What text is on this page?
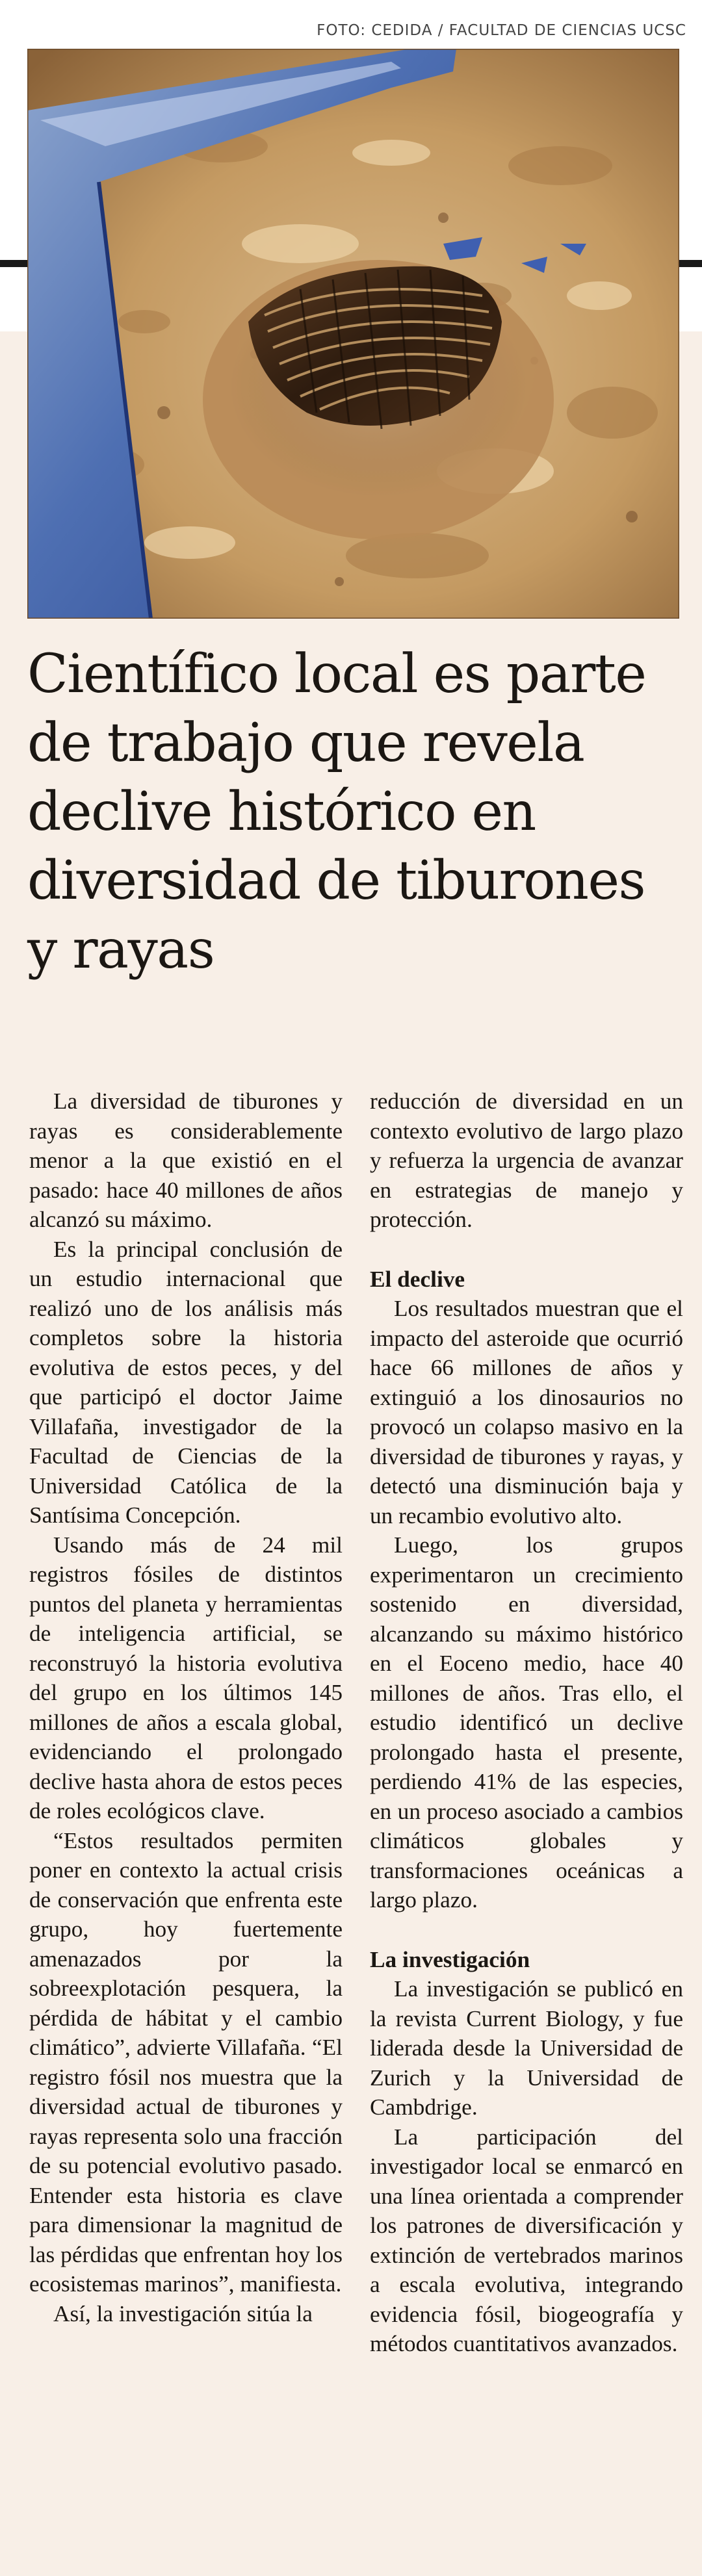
FOTO: CEDIDA / FACULTAD DE CIENCIAS UCSC
Científico local es parte de trabajo que revela declive histórico en diversidad de tiburones y rayas

La diversidad de tiburones y rayas es considerablemente menor a la que existió en el pasado: hace 40 millones de años alcanzó su máximo.

Es la principal conclusión de un estudio internacional que realizó uno de los análisis más completos sobre la historia evolutiva de estos peces, y del que participó el doctor Jaime Villafaña, investigador de la Facultad de Ciencias de la Universidad Católica de la Santísima Concepción.

Usando más de 24 mil registros fósiles de distintos puntos del planeta y herramientas de inteligencia artificial, se reconstruyó la historia evolutiva del grupo en los últimos 145 millones de años a escala global, evidenciando el prolongado declive hasta ahora de estos peces de roles ecológicos clave.

“Estos resultados permiten poner en contexto la actual crisis de conservación que enfrenta este grupo, hoy fuertemente amenazados por la sobreexplotación pesquera, la pérdida de hábitat y el cambio climático”, advierte Villafaña. “El registro fósil nos muestra que la diversidad actual de tiburones y rayas representa solo una fracción de su potencial evolutivo pasado. Entender esta historia es clave para dimensionar la magnitud de las pérdidas que enfrentan hoy los ecosistemas marinos”, manifiesta.

Así, la investigación sitúa la

reducción de diversidad en un contexto evolutivo de largo plazo y refuerza la urgencia de avanzar en estrategias de manejo y protección.

El declive

Los resultados muestran que el impacto del asteroide que ocurrió hace 66 millones de años y extinguió a los dinosaurios no provocó un colapso masivo en la diversidad de tiburones y rayas, y detectó una disminución baja y un recambio evolutivo alto.

Luego, los grupos experimentaron un crecimiento sostenido en diversidad, alcanzando su máximo histórico en el Eoceno medio, hace 40 millones de años. Tras ello, el estudio identificó un declive prolongado hasta el presente, perdiendo 41% de las especies, en un proceso asociado a cambios climáticos globales y transformaciones oceánicas a largo plazo.

La investigación

La investigación se publicó en la revista Current Biology, y fue liderada desde la Universidad de Zurich y la Universidad de Cambdrige.

La participación del investigador local se enmarcó en una línea orientada a comprender los patrones de diversificación y extinción de vertebrados marinos a escala evolutiva, integrando evidencia fósil, biogeografía y métodos cuantitativos avanzados.
